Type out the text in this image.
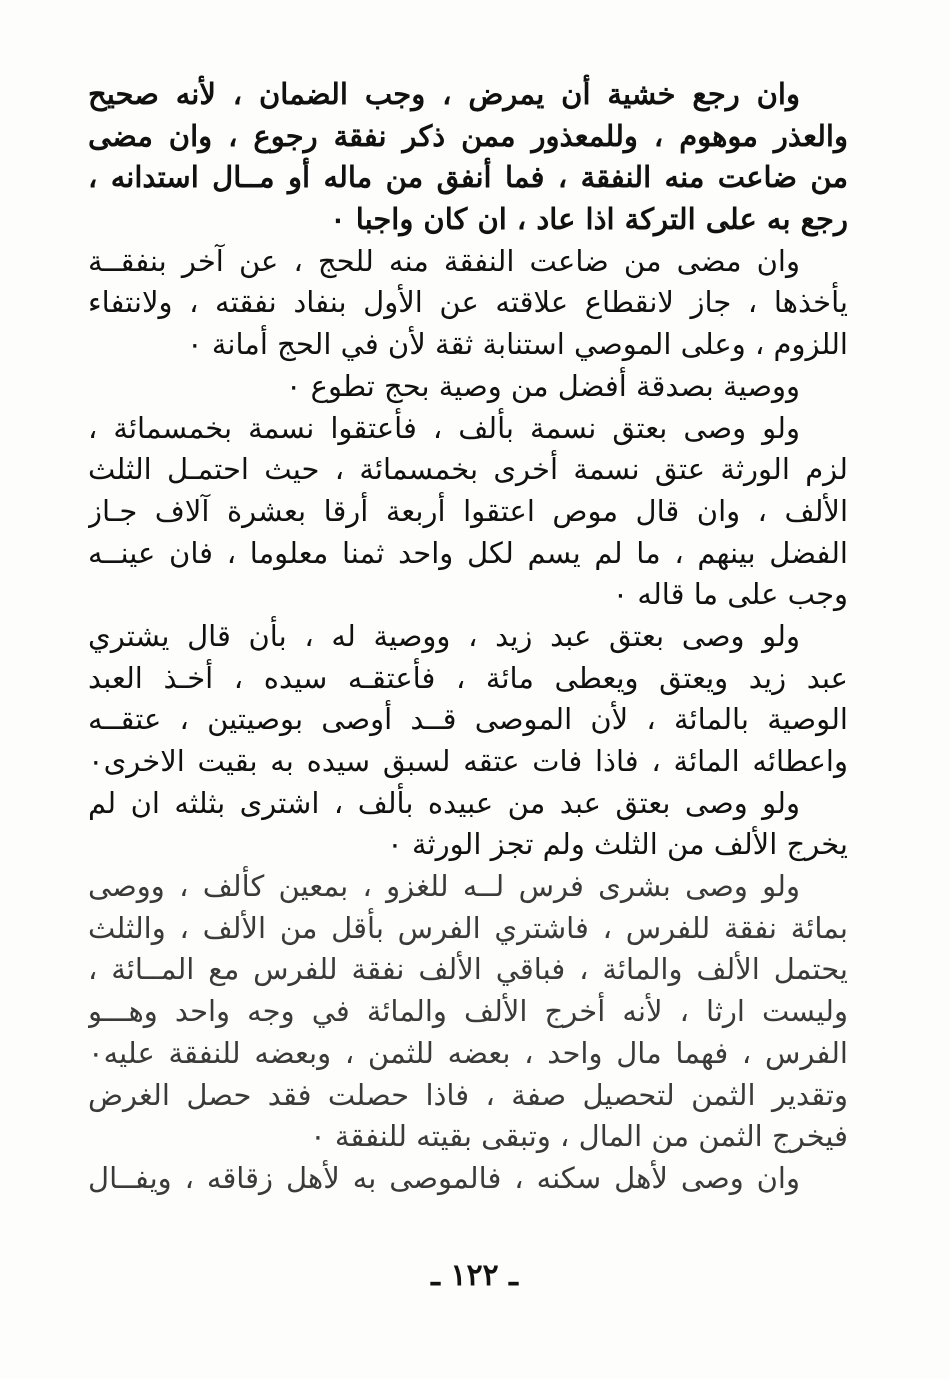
وان رجع خشية أن يمرض ، وجب الضمان ، لأنه صحيح
والعذر موهوم ، وللمعذور ممن ذكر نفقة رجوع ، وان مضى
من ضاعت منه النفقة ، فما أنفق من ماله أو مــال استدانه ،
رجع به على التركة اذا عاد ، ان كان واجبا ٠
وان مضى من ضاعت النفقة منه للحج ، عن آخر بنفقــة
يأخذها ، جاز لانقطاع علاقته عن الأول بنفاد نفقته ، ولانتفاء
اللزوم ، وعلى الموصي استنابة ثقة لأن في الحج أمانة ٠
ووصية بصدقة أفضل من وصية بحج تطوع ٠
ولو وصى بعتق نسمة بألف ، فأعتقوا نسمة بخمسمائة ،
لزم الورثة عتق نسمة أخرى بخمسمائة ، حيث احتمـل الثلث
الألف ، وان قال موص اعتقوا أربعة أرقا بعشرة آلاف جـاز
الفضل بينهم ، ما لم يسم لكل واحد ثمنا معلوما ، فان عينــه
وجب على ما قاله ٠
ولو وصى بعتق عبد زيد ، ووصية له ، بأن قال يشتري
عبد زيد ويعتق ويعطى مائة ، فأعتقـه سيده ، أخـذ العبد
الوصية بالمائة ، لأن الموصى قــد أوصى بوصيتين ، عتقــه
واعطائه المائة ، فاذا فات عتقه لسبق سيده به بقيت الاخرى٠
ولو وصى بعتق عبد من عبيده بألف ، اشترى بثلثه ان لم
يخرج الألف من الثلث ولم تجز الورثة ٠
ولو وصى بشرى فرس لــه للغزو ، بمعين كألف ، ووصى
بمائة نفقة للفرس ، فاشتري الفرس بأقل من الألف ، والثلث
يحتمل الألف والمائة ، فباقي الألف نفقة للفرس مع المــائة ،
وليست ارثا ، لأنه أخرج الألف والمائة في وجه واحد وهـــو
الفرس ، فهما مال واحد ، بعضه للثمن ، وبعضه للنفقة عليه٠
وتقدير الثمن لتحصيل صفة ، فاذا حصلت فقد حصل الغرض
فيخرج الثمن من المال ، وتبقى بقيته للنفقة ٠
وان وصى لأهل سكنه ، فالموصى به لأهل زقاقه ، ويفــال
ـ ١٢٢ ـ
